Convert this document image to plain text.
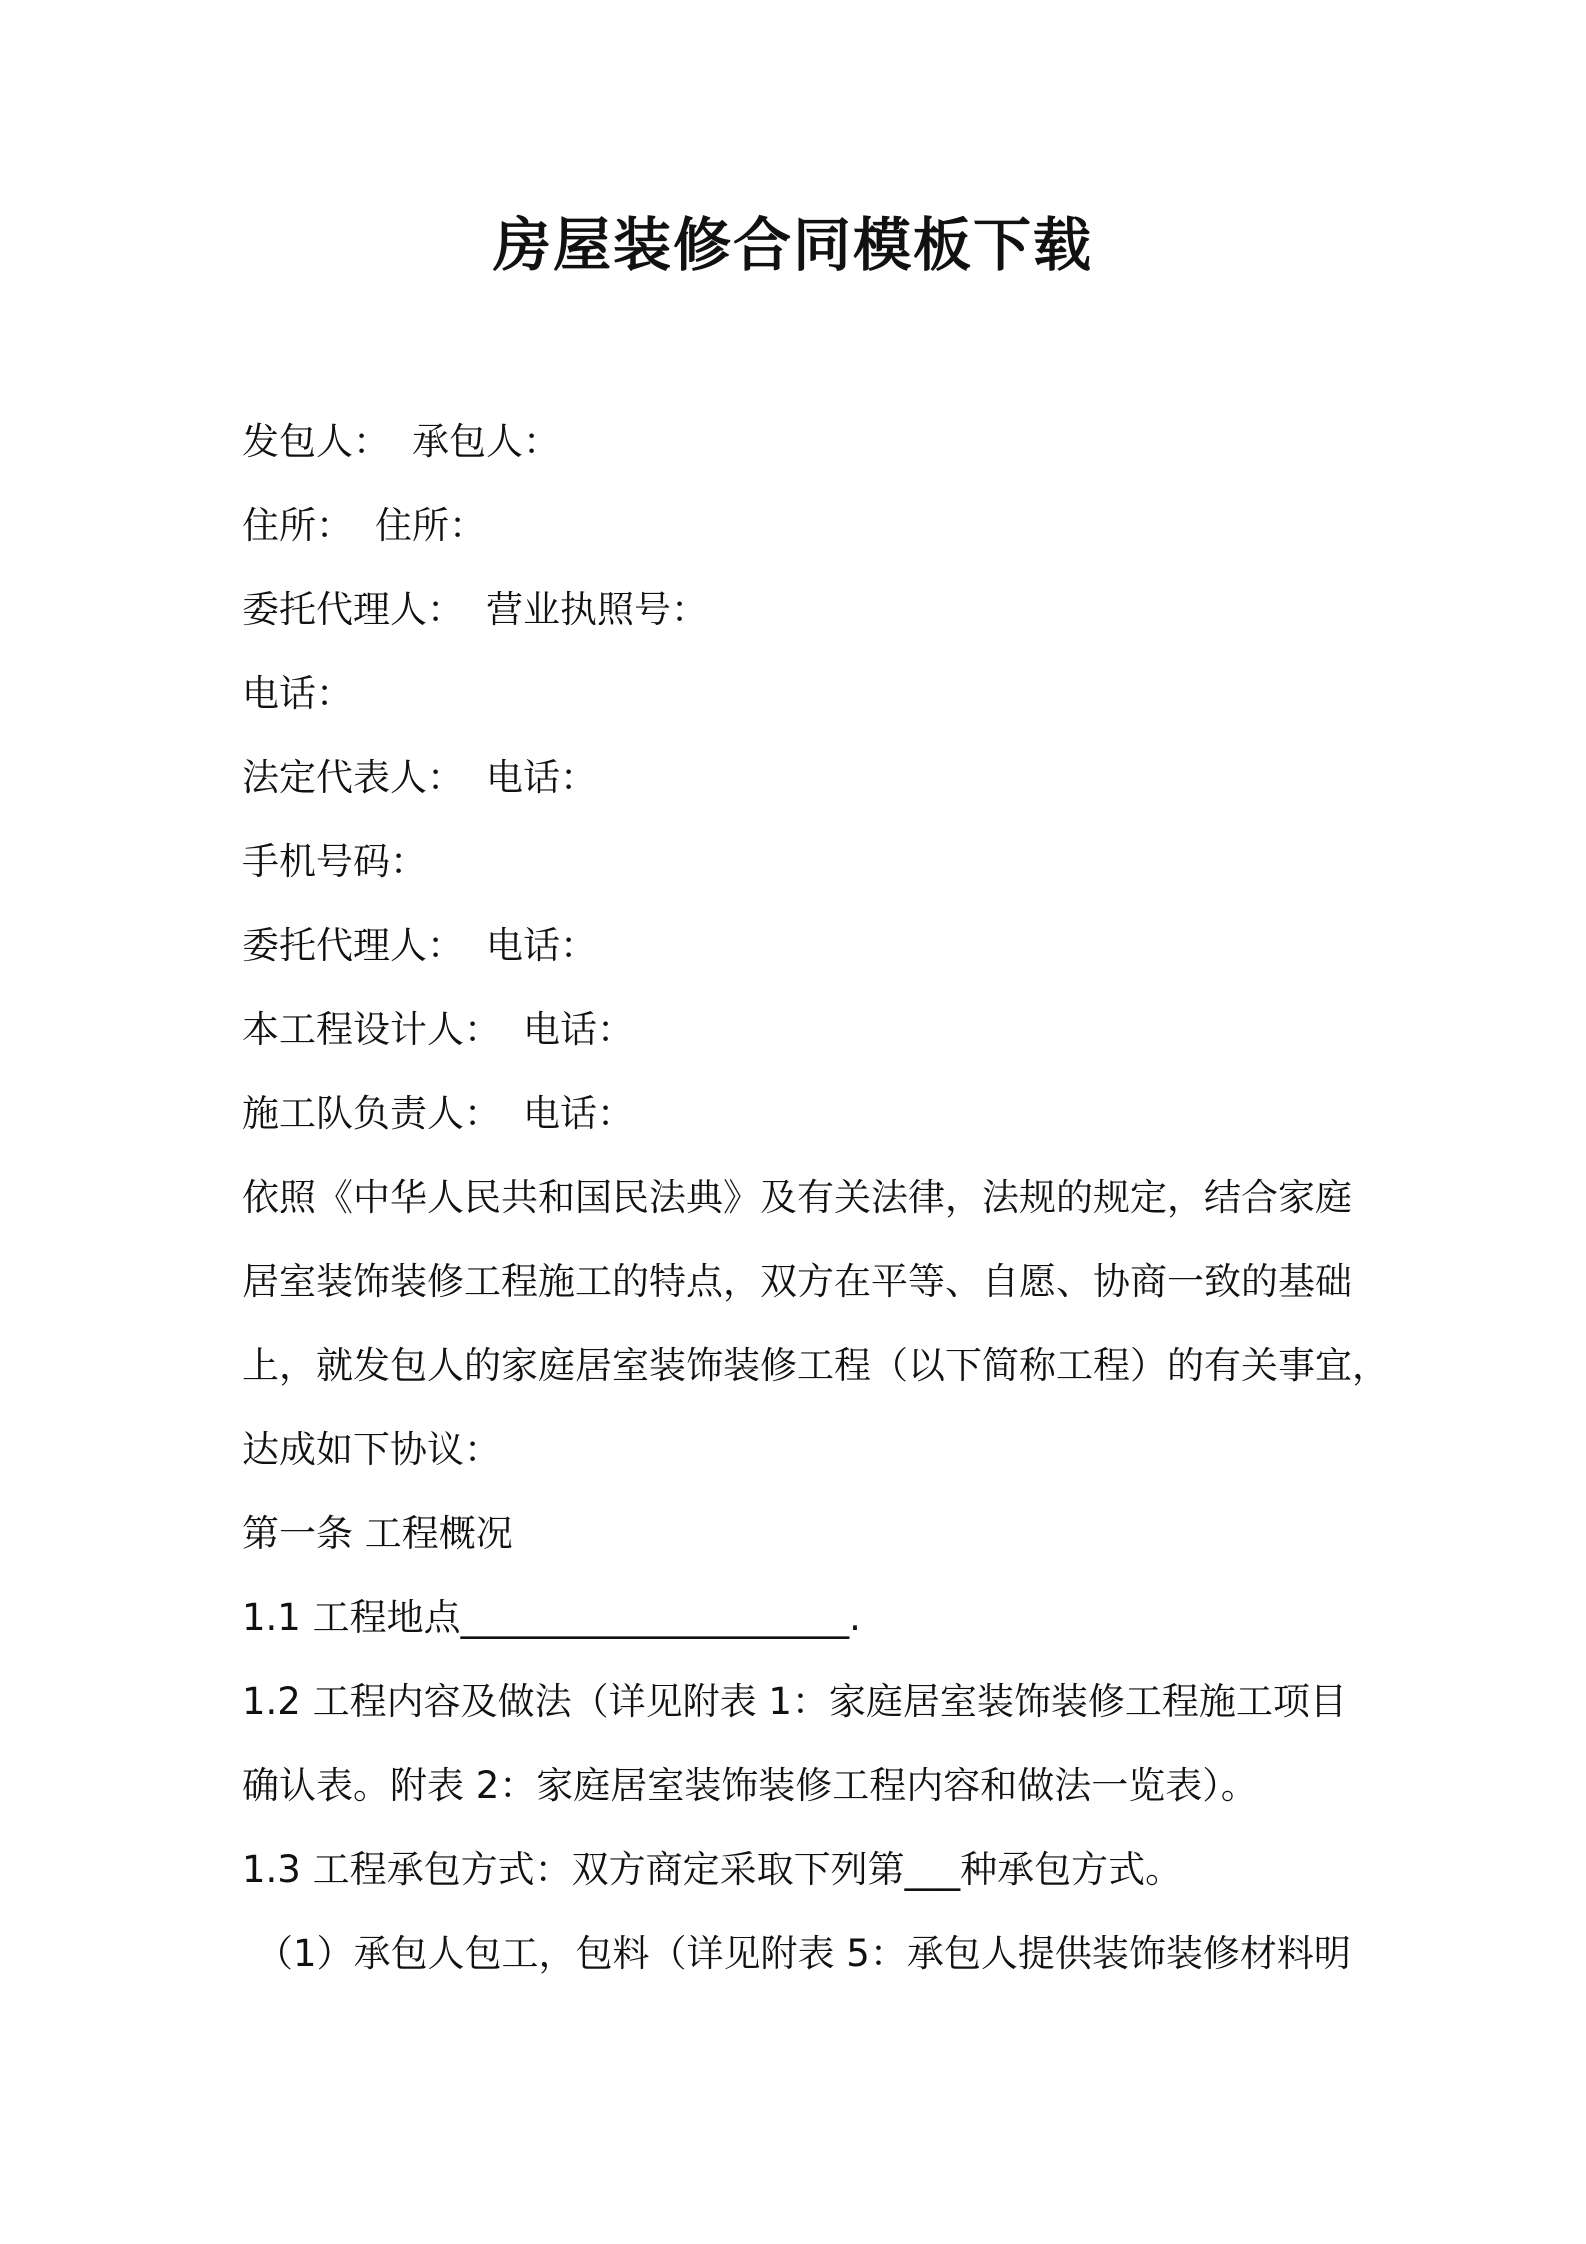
房屋装修合同模板下载
发包人： 承包人：
住所： 住所：
委托代理人： 营业执照号：
电话：
法定代表人： 电话：
手机号码：
委托代理人： 电话：
本工程设计人： 电话：
施工队负责人： 电话：
依照《中华人民共和国民法典》及有关法律，法规的规定，结合家庭
居室装饰装修工程施工的特点，双方在平等、自愿、协商一致的基础
上，就发包人的家庭居室装饰装修工程（以下简称工程）的有关事宜，
达成如下协议：
第一条 工程概况
1.1 工程地点_____________________.
1.2 工程内容及做法（详见附表 1：家庭居室装饰装修工程施工项目
确认表。附表 2：家庭居室装饰装修工程内容和做法一览表）。
1.3 工程承包方式：双方商定采取下列第___种承包方式。
（1）承包人包工，包料（详见附表 5：承包人提供装饰装修材料明
